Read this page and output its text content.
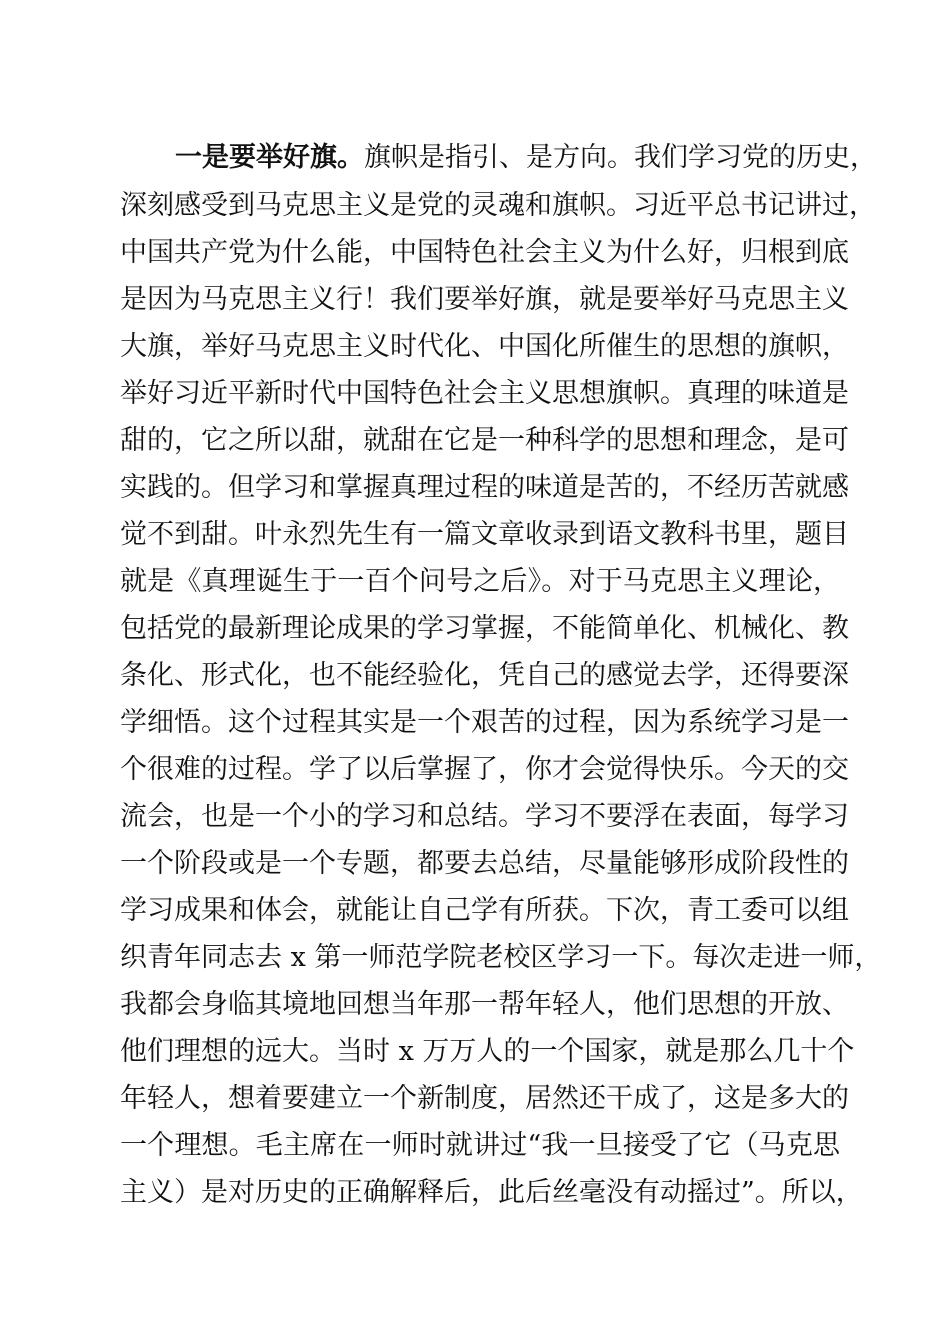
一是要举好旗。旗帜是指引、是方向。我们学习党的历史，
深刻感受到马克思主义是党的灵魂和旗帜。习近平总书记讲过，
中国共产党为什么能，中国特色社会主义为什么好，归根到底
是因为马克思主义行！我们要举好旗，就是要举好马克思主义
大旗，举好马克思主义时代化、中国化所催生的思想的旗帜，
举好习近平新时代中国特色社会主义思想旗帜。真理的味道是
甜的，它之所以甜，就甜在它是一种科学的思想和理念，是可
实践的。但学习和掌握真理过程的味道是苦的，不经历苦就感
觉不到甜。叶永烈先生有一篇文章收录到语文教科书里，题目
就是《真理诞生于一百个问号之后》。对于马克思主义理论，
包括党的最新理论成果的学习掌握，不能简单化、机械化、教
条化、形式化，也不能经验化，凭自己的感觉去学，还得要深
学细悟。这个过程其实是一个艰苦的过程，因为系统学习是一
个很难的过程。学了以后掌握了，你才会觉得快乐。今天的交
流会，也是一个小的学习和总结。学习不要浮在表面，每学习
一个阶段或是一个专题，都要去总结，尽量能够形成阶段性的
学习成果和体会，就能让自己学有所获。下次，青工委可以组
织青年同志去 x 第一师范学院老校区学习一下。每次走进一师，
我都会身临其境地回想当年那一帮年轻人，他们思想的开放、
他们理想的远大。当时 x 万万人的一个国家，就是那么几十个
年轻人，想着要建立一个新制度，居然还干成了，这是多大的
一个理想。毛主席在一师时就讲过“我一旦接受了它（马克思
主义）是对历史的正确解释后，此后丝毫没有动摇过”。所以，
